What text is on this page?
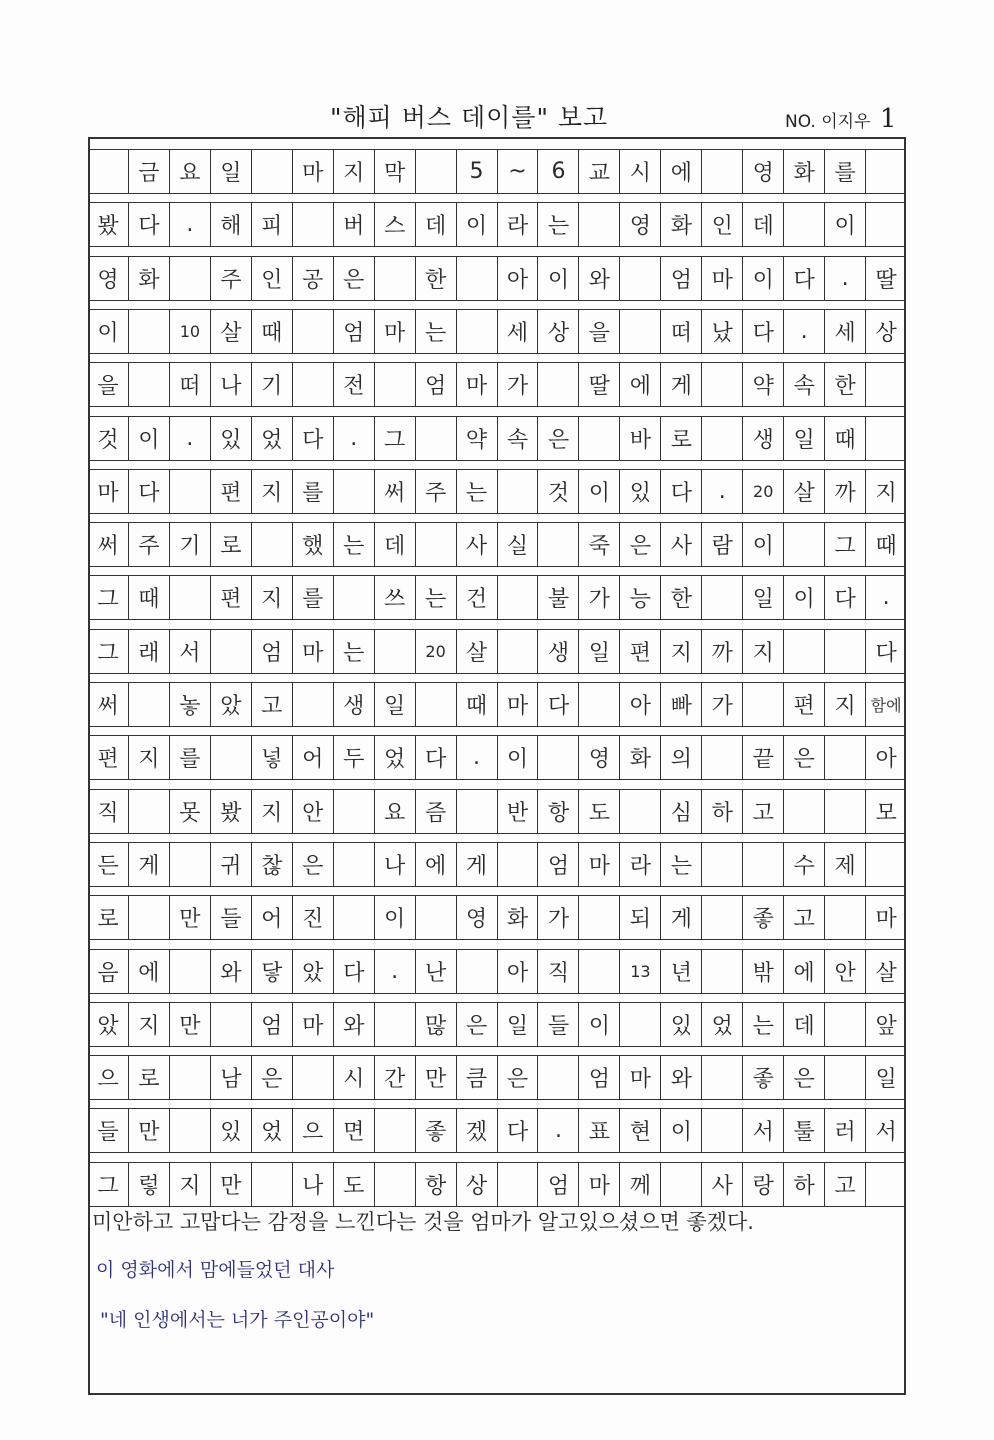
"해피 버스 데이를" 보고	NO. 이지우 1
금 요 일	마 지 막	5	~	6	교 시 에	영 화 를
봤 다	.	해 피	버 스 데 이 라 는	영 화 인 데	이
영 화	주 인 공 은	한	아 이 와	엄 마 이 다	.	딸
이	10 살 때	엄 마 는	세 상 을	떠 났 다	.	세 상
을	떠 나 기	전	엄 마 가	딸 에 게	약 속 한
것 이	.	있 었 다	.	그	약 속 은	바 로	생 일 때
마 다	편 지 를	써 주 는	것 이 있 다	.	20 살 까 지
써 주 기 로	했 는 데	사 실	죽 은 사 람 이	그 때
그 때	편 지 를	쓰 는 건	불 가 능 한	일 이 다	.
그 래 서	엄 마 는	20 살	생 일 편 지 까 지	다
써	놓 았 고	생 일	때 마 다	아 빠 가	편 지 함에
편 지 를	넣 어 두 었 다	.	이	영 화 의	끝 은	아
직	못 봤 지 안	요 즘	반 항 도	심 하 고	모
든 게	귀 찮 은	나 에 게	엄 마 라 는	수 제
로	만 들 어 진	이	영 화 가	되 게	좋 고	마
음 에	와 닿 았 다	.	난	아 직	13 년	밖 에 안 살
았 지 만	엄 마 와	많 은 일 들 이	있 었 는 데	앞
으 로	남 은	시 간 만 큼 은	엄 마 와	좋 은	일
들 만	있 었 으 면	좋 겠 다	.	표 현 이	서 툴 러 서
그 렇 지 만	나 도	항 상	엄 마 께	사 랑 하 고
미안하고 고맙다는 감정을 느낀다는 것을 엄마가 알고있으셨으면 좋겠다.
이 영화에서 맘에들었던 대사
"네 인생에서는 너가 주인공이야"
